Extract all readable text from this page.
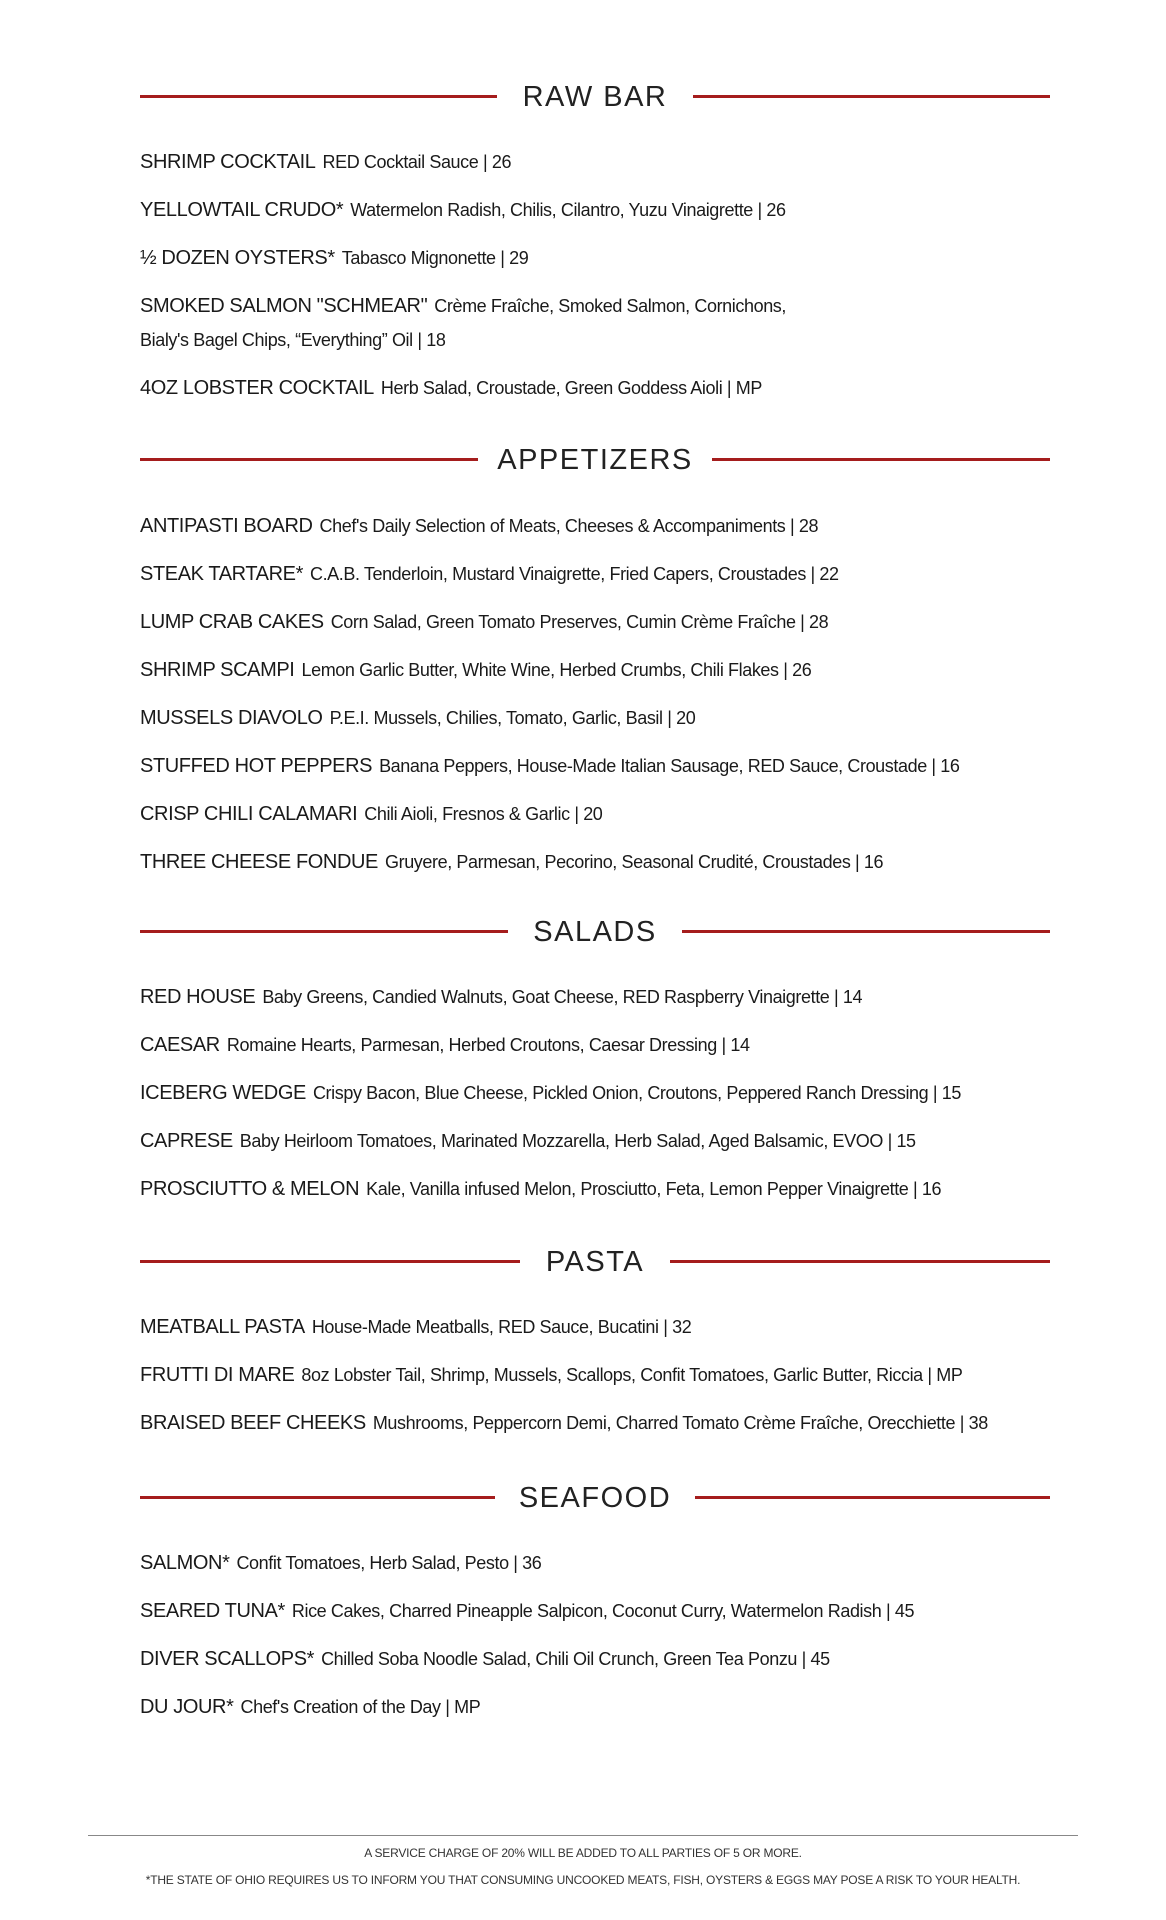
RAW BAR
SHRIMP COCKTAIL RED Cocktail Sauce | 26
YELLOWTAIL CRUDO* Watermelon Radish, Chilis, Cilantro, Yuzu Vinaigrette | 26
½ DOZEN OYSTERS* Tabasco Mignonette | 29
SMOKED SALMON "SCHMEAR" Crème Fraîche, Smoked Salmon, Cornichons,
Bialy's Bagel Chips, “Everything” Oil | 18
4OZ LOBSTER COCKTAIL Herb Salad, Croustade, Green Goddess Aioli | MP
APPETIZERS
ANTIPASTI BOARD Chef's Daily Selection of Meats, Cheeses & Accompaniments | 28
STEAK TARTARE* C.A.B. Tenderloin, Mustard Vinaigrette, Fried Capers, Croustades | 22
LUMP CRAB CAKES Corn Salad, Green Tomato Preserves, Cumin Crème Fraîche | 28
SHRIMP SCAMPI Lemon Garlic Butter, White Wine, Herbed Crumbs, Chili Flakes | 26
MUSSELS DIAVOLO P.E.I. Mussels, Chilies, Tomato, Garlic, Basil | 20
STUFFED HOT PEPPERS Banana Peppers, House-Made Italian Sausage, RED Sauce, Croustade | 16
CRISP CHILI CALAMARI Chili Aioli, Fresnos & Garlic | 20
THREE CHEESE FONDUE Gruyere, Parmesan, Pecorino, Seasonal Crudité, Croustades | 16
SALADS
RED HOUSE Baby Greens, Candied Walnuts, Goat Cheese, RED Raspberry Vinaigrette | 14
CAESAR Romaine Hearts, Parmesan, Herbed Croutons, Caesar Dressing | 14
ICEBERG WEDGE Crispy Bacon, Blue Cheese, Pickled Onion, Croutons, Peppered Ranch Dressing | 15
CAPRESE Baby Heirloom Tomatoes, Marinated Mozzarella, Herb Salad, Aged Balsamic, EVOO | 15
PROSCIUTTO & MELON Kale, Vanilla infused Melon, Prosciutto, Feta, Lemon Pepper Vinaigrette | 16
PASTA
MEATBALL PASTA House-Made Meatballs, RED Sauce, Bucatini | 32
FRUTTI DI MARE 8oz Lobster Tail, Shrimp, Mussels, Scallops, Confit Tomatoes, Garlic Butter, Riccia | MP
BRAISED BEEF CHEEKS Mushrooms, Peppercorn Demi, Charred Tomato Crème Fraîche, Orecchiette | 38
SEAFOOD
SALMON* Confit Tomatoes, Herb Salad, Pesto | 36
SEARED TUNA* Rice Cakes, Charred Pineapple Salpicon, Coconut Curry, Watermelon Radish | 45
DIVER SCALLOPS* Chilled Soba Noodle Salad, Chili Oil Crunch, Green Tea Ponzu | 45
DU JOUR* Chef's Creation of the Day | MP
A SERVICE CHARGE OF 20% WILL BE ADDED TO ALL PARTIES OF 5 OR MORE.
*THE STATE OF OHIO REQUIRES US TO INFORM YOU THAT CONSUMING UNCOOKED MEATS, FISH, OYSTERS & EGGS MAY POSE A RISK TO YOUR HEALTH.
